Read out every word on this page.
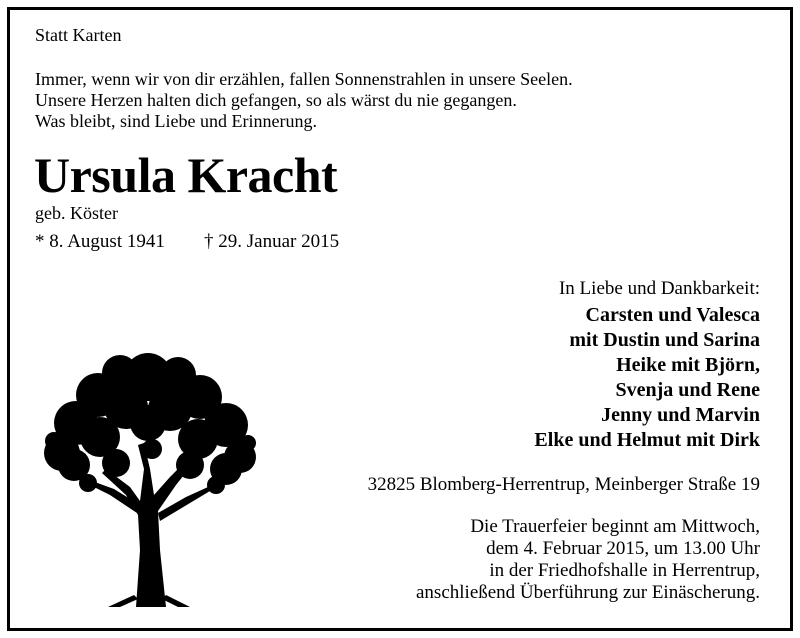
Statt Karten
Immer, wenn wir von dir erzählen, fallen Sonnenstrahlen in unsere Seelen.
Unsere Herzen halten dich gefangen, so als wärst du nie gegangen.
Was bleibt, sind Liebe und Erinnerung.
Ursula Kracht
geb. Köster
* 8. August 1941 † 29. Januar 2015
In Liebe und Dankbarkeit:
Carsten und Valesca
mit Dustin und Sarina
Heike mit Björn,
Svenja und Rene
Jenny und Marvin
Elke und Helmut mit Dirk
32825 Blomberg-Herrentrup, Meinberger Straße 19
Die Trauerfeier beginnt am Mittwoch,
dem 4. Februar 2015, um 13.00 Uhr
in der Friedhofshalle in Herrentrup,
anschließend Überführung zur Einäscherung.
